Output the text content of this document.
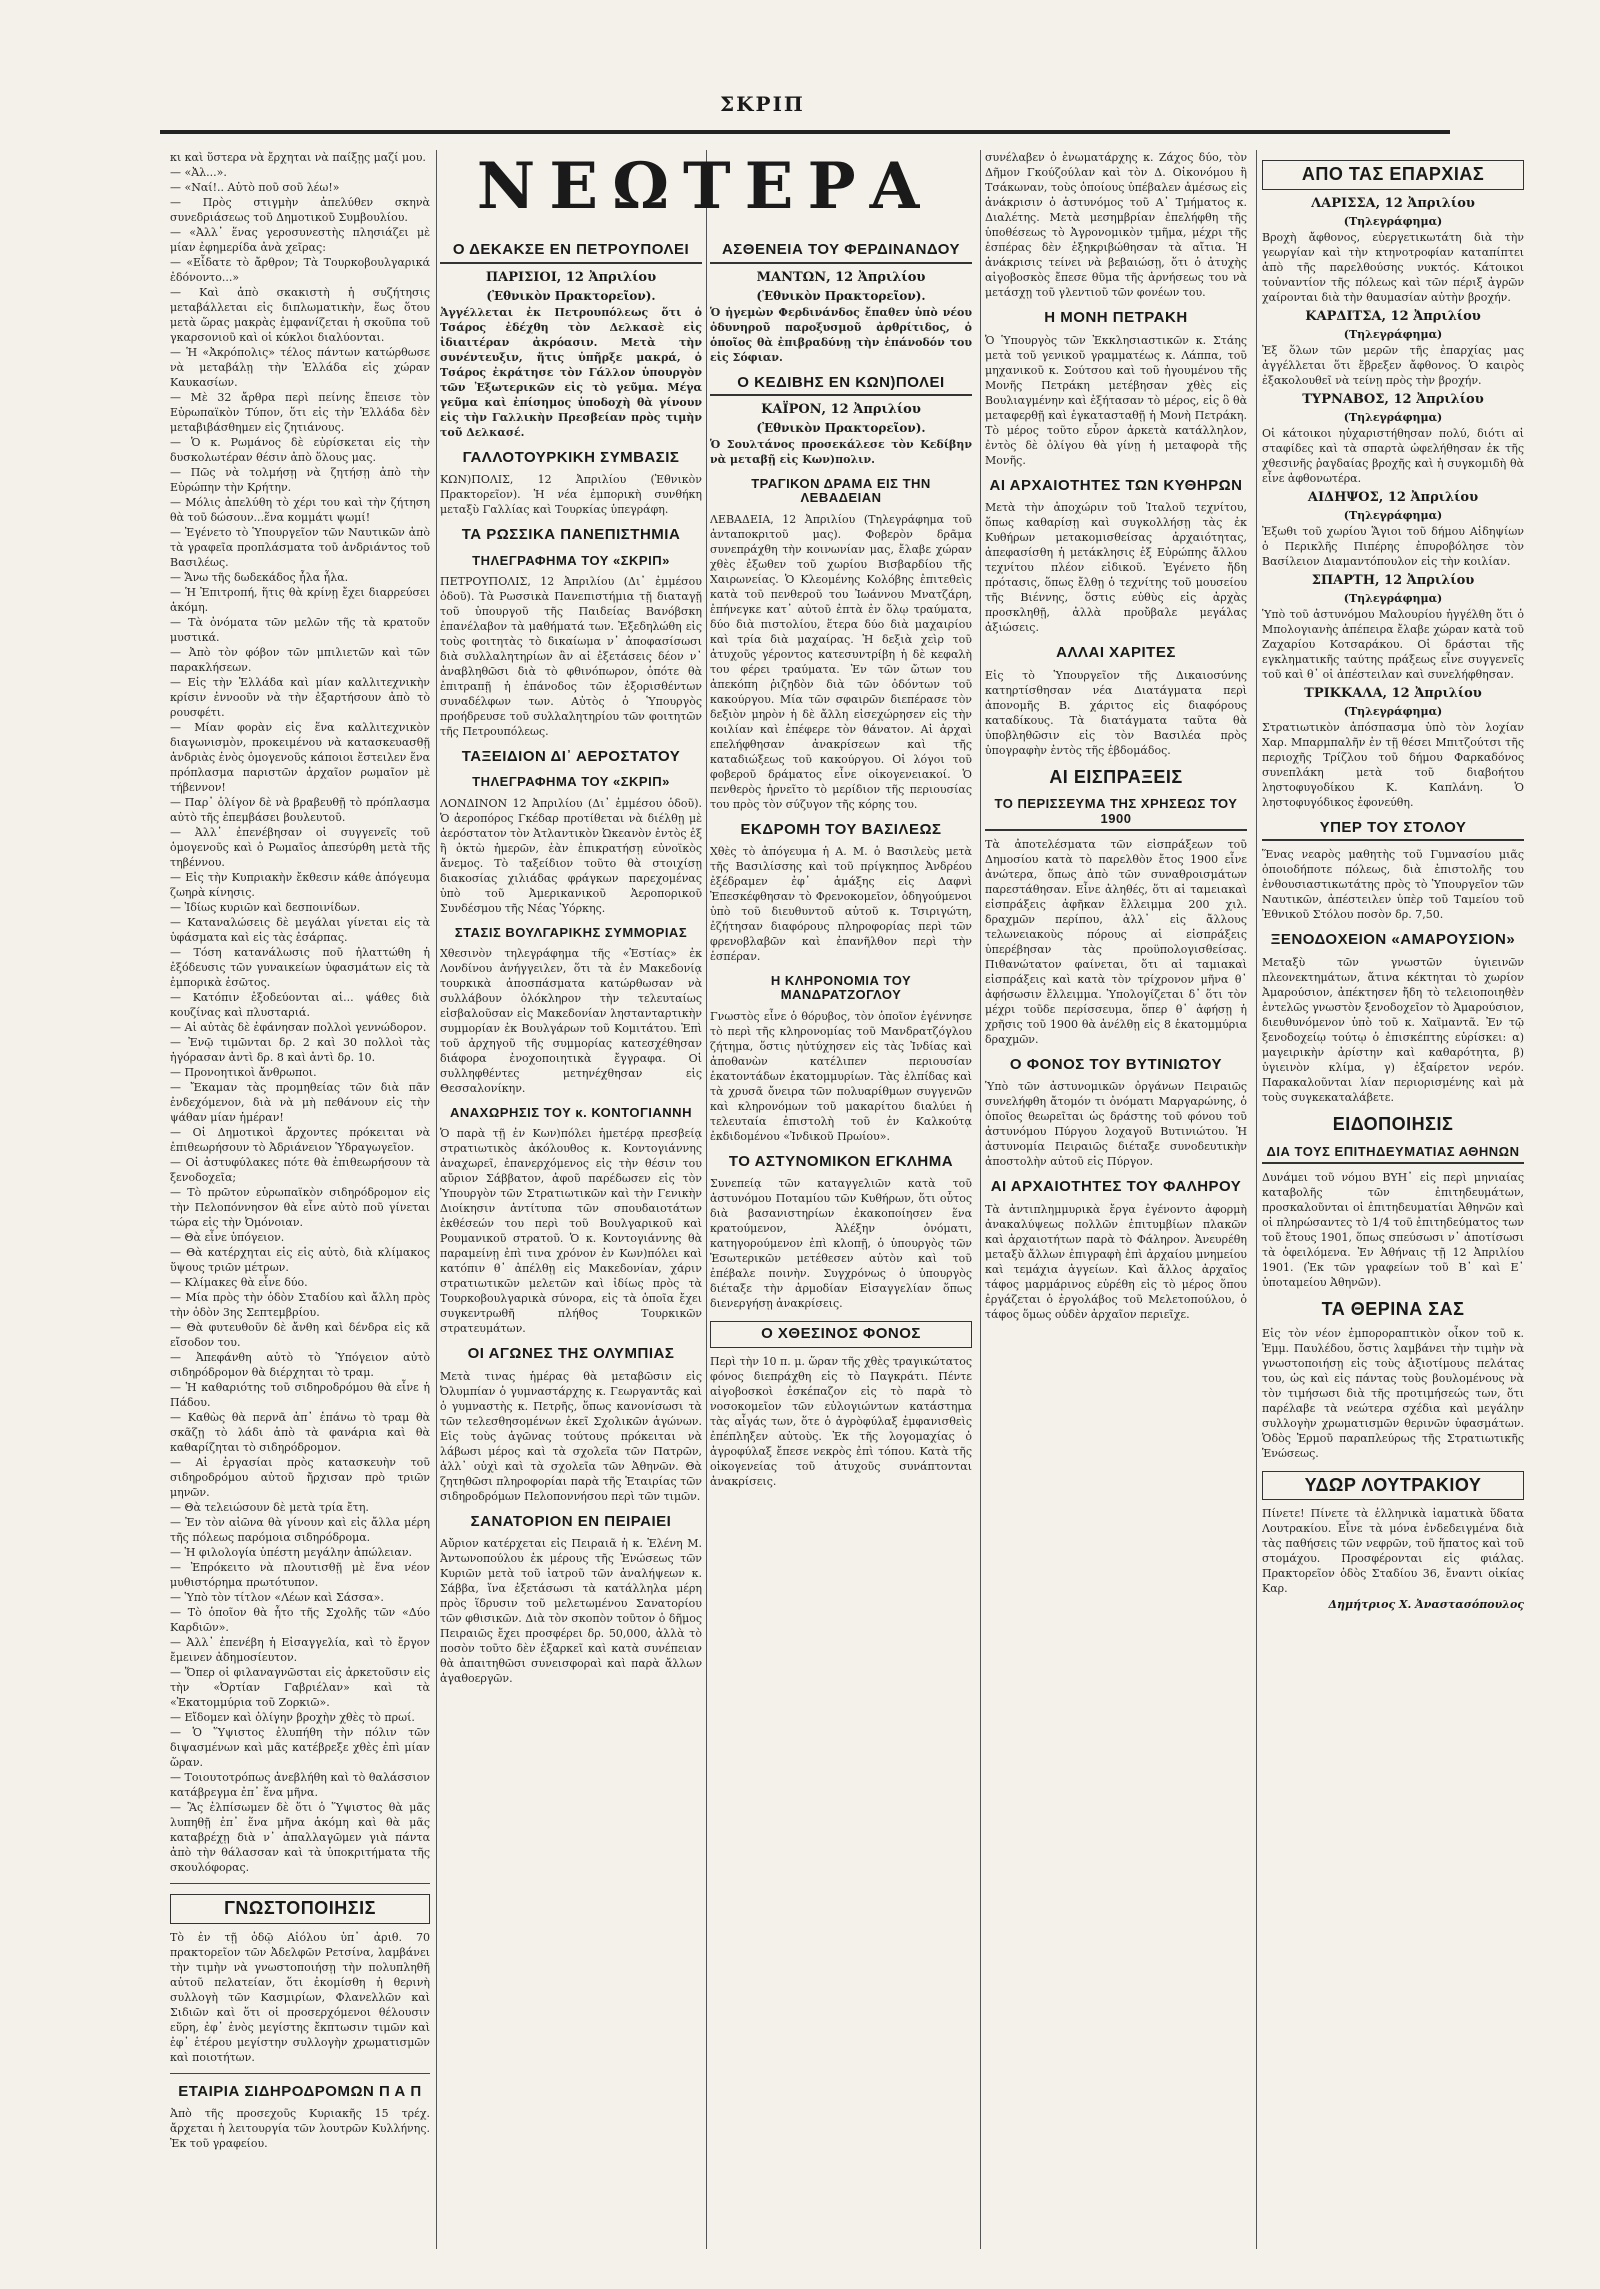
ΣΚΡΙΠ
ΝΕΩΤΕΡΑ

κι καὶ ὕστερα νὰ ἔρχηται νὰ παίξῃς μαζί μου.
— «Ἀλ...».
— «Ναί!.. Αὐτὸ ποῦ σοῦ λέω!»
— Πρὸς στιγμὴν ἀπελύθεν σκηνὰ συνεδριάσεως τοῦ Δημοτικοῦ Συμβουλίου.
— «Ἀλλ᾽ ἕνας γεροσυνεστὴς πλησιάζει μὲ μίαν ἐφημερίδα ἀνὰ χεῖρας:
— «Εἶδατε τὸ ἄρθρον; Τὰ Τουρκοβουλγαρικά ἐδόνοντο...»
— Καὶ ἀπὸ σκακιστὴ ἡ συζήτησις μεταβάλλεται εἰς διπλωματικὴν, ἕως ὅτου μετὰ ὥρας μακρὰς ἐμφανίζεται ἡ σκοῦπα τοῦ γκαρσονιοῦ καὶ οἱ κύκλοι διαλύονται.
— Ἡ «Ἀκρόπολις» τέλος πάντων κατώρθωσε νὰ μεταβάλῃ τὴν Ἑλλάδα εἰς χώραν Καυκασίων.
— Μὲ 32 ἄρθρα περὶ πείνης ἔπεισε τὸν Εὐρωπαϊκὸν Τύπον, ὅτι εἰς τὴν Ἑλλάδα δὲν μεταβιβάσθημεν εἰς ζητιάνους.
— Ὁ κ. Ρωμάνος δὲ εὐρίσκεται εἰς τὴν δυσκολωτέραν θέσιν ἀπὸ ὅλους μας.
— Πῶς νὰ τολμήσῃ νὰ ζητήσῃ ἀπὸ τὴν Εὐρώπην τὴν Κρήτην.
— Μόλις ἀπελύθη τὸ χέρι του καὶ τὴν ζήτηση θὰ τοῦ δώσουν...ἕνα κομμάτι ψωμί!
— Ἐγένετο τὸ Ὑπουργεῖον τῶν Ναυτικῶν ἀπὸ τὰ γραφεῖα προπλάσματα τοῦ ἀνδριάντος τοῦ Βασιλέως.
— Ἄνω τῆς δωδεκάδος ἦλα ἦλα.
— Ἡ Ἐπιτροπή, ἥτις θὰ κρίνῃ ἔχει διαρρεύσει ἀκόμη.
— Τὰ ὀνόματα τῶν μελῶν τῆς τὰ κρατοῦν μυστικά.
— Ἀπὸ τὸν φόβον τῶν μπιλιετῶν καὶ τῶν παρακλήσεων.
— Εἰς τὴν Ἑλλάδα καὶ μίαν καλλιτεχνικὴν κρίσιν ἐννοοῦν νὰ τὴν ἐξαρτήσουν ἀπὸ τὸ ρουσφέτι.
— Μίαν φορὰν εἰς ἕνα καλλιτεχνικὸν διαγωνισμὸν, προκειμένου νὰ κατασκευασθῇ ἀνδριὰς ἑνὸς ὁμογενοῦς κάποιοι ἔστειλεν ἕνα πρόπλασμα παριστῶν ἀρχαῖον ρωμαῖον μὲ τήβεννον!
— Παρ᾽ ὀλίγον δὲ νὰ βραβευθῇ τὸ πρόπλασμα αὐτὸ τῆς ἐπεμβάσει βουλευτοῦ.
— Ἀλλ᾽ ἐπενέβησαν οἱ συγγενεῖς τοῦ ὁμογενοῦς καὶ ὁ Ρωμαῖος ἀπεσύρθη μετὰ τῆς τηβέννου.
— Εἰς τὴν Κυπριακὴν ἔκθεσιν κάθε ἀπόγευμα ζωηρὰ κίνησις.
— Ἰδίως κυριῶν καὶ δεσποινίδων.
— Καταναλώσεις δὲ μεγάλαι γίνεται εἰς τὰ ὑφάσματα καὶ εἰς τὰς ἐσάρπας.
— Τόση κατανάλωσις ποῦ ἠλαττώθη ἡ ἐξόδευσις τῶν γυναικείων ὑφασμάτων εἰς τὰ ἐμπορικὰ ἐσῶτος.
— Κατόπιν ἐξοδεύονται αἱ... ψάθες διὰ κουζίνας καὶ πλυσταριά.
— Αἱ αὐτὰς δὲ ἐφάνησαν πολλοὶ γεννώδορον.
— Ἐνῷ τιμῶνται δρ. 2 καὶ 30 πολλοὶ τὰς ἠγόρασαν ἀντὶ δρ. 8 καὶ ἀντὶ δρ. 10.
— Προνοητικοὶ ἄνθρωποι.
— Ἔκαμαν τὰς προμηθείας τῶν διὰ πᾶν ἐνδεχόμενον, διὰ νὰ μὴ πεθάνουν εἰς τὴν ψάθαν μίαν ἡμέραν!
— Οἱ Δημοτικοὶ ἄρχοντες πρόκειται νὰ ἐπιθεωρήσουν τὸ Ἀδριάνειον Ὑδραγωγεῖον.
— Οἱ ἀστυφύλακες πότε θὰ ἐπιθεωρήσουν τὰ ξενοδοχεῖα;
— Τὸ πρῶτον εὐρωπαϊκὸν σιδηρόδρομον εἰς τὴν Πελοπόννησον θὰ εἶνε αὐτὸ ποῦ γίνεται τώρα εἰς τὴν Ὀμόνοιαν.
— Θὰ εἶνε ὑπόγειον.
— Θὰ κατέρχηται εἰς εἰς αὐτὸ, διὰ κλίμακος ὕψους τριῶν μέτρων.
— Κλίμακες θὰ εἶνε δύο.
— Μία πρὸς τὴν ὁδὸν Σταδίου καὶ ἄλλη πρὸς τὴν ὁδὸν 3ης Σεπτεμβρίου.
— Θὰ φυτευθοῦν δὲ ἄνθη καὶ δένδρα εἰς κᾶ εἴσοδον του.
— Ἀπεφάνθη αὐτὸ τὸ Ὑπόγειον αὐτὸ σιδηρόδρομον θὰ διέρχηται τὸ τραμ.
— Ἡ καθαριότης τοῦ σιδηροδρόμου θὰ εἶνε ἡ Πάδου.
— Καθὼς θὰ περνᾶ ἀπ᾽ ἐπάνω τὸ τραμ θὰ σκᾶζῃ τὸ λάδι ἀπὸ τὰ φανάρια καὶ θὰ καθαρίζηται τὸ σιδηρόδρομον.
— Αἱ ἐργασίαι πρὸς κατασκευὴν τοῦ σιδηροδρόμου αὐτοῦ ἤρχισαν πρὸ τριῶν μηνῶν.
— Θὰ τελειώσουν δὲ μετὰ τρία ἔτη.
— Ἐν τὸν αἰῶνα θὰ γίνουν καὶ εἰς ἄλλα μέρη τῆς πόλεως παρόμοια σιδηρόδρομα.
— Ἡ φιλολογία ὑπέστη μεγάλην ἀπώλειαν.
— Ἐπρόκειτο νὰ πλουτισθῇ μὲ ἕνα νέον μυθιστόρημα πρωτότυπον.
— Ὑπὸ τὸν τίτλον «Λέων καὶ Σάσσα».
— Τὸ ὁποῖον θὰ ἦτο τῆς Σχολῆς τῶν «Δύο Καρδιῶν».
— Ἀλλ᾽ ἐπενέβη ἡ Εἰσαγγελία, καὶ τὸ ἔργον ἔμεινεν ἀδημοσίευτον.
— Ὅπερ οἱ φιλαναγνῶσται εἰς ἀρκετοῦσιν εἰς τὴν «Ὀρτίαν Γαβριέλαν» καὶ τὰ «Ἑκατομμύρια τοῦ Ζορκιῶ».
— Εἴδομεν καὶ ὀλίγην βροχὴν χθὲς τὸ πρωί.
— Ὁ Ὕψιστος ἐλυπήθη τὴν πόλιν τῶν διψασμένων καὶ μᾶς κατέβρεξε χθὲς ἐπὶ μίαν ὥραν.
— Τοιουτοτρόπως ἀνεβλήθη καὶ τὸ θαλάσσιον κατάβρεγμα ἐπ᾽ ἕνα μῆνα.
— Ἂς ἐλπίσωμεν δὲ ὅτι ὁ Ὕψιστος θὰ μᾶς λυπηθῇ ἐπ᾽ ἕνα μῆνα ἀκόμη καὶ θὰ μᾶς καταβρέχῃ διὰ ν᾽ ἀπαλλαγῶμεν γιὰ πάντα ἀπὸ τὴν θάλασσαν καὶ τὰ ὑποκριτήματα τῆς σκουλόφορας.

ΓΝΩΣΤΟΠΟΙΗΣΙΣ

Τὸ ἐν τῇ ὁδῷ Αἰόλου ὑπ᾽ ἀριθ. 70 πρακτορεῖον τῶν Ἀδελφῶν Ρετσίνα, λαμβάνει τὴν τιμὴν νὰ γνωστοποιήσῃ τὴν πολυπληθῆ αὐτοῦ πελατείαν, ὅτι ἐκομίσθη ἡ θερινὴ συλλογὴ τῶν Κασμιρίων, Φλανελλῶν καὶ Σιδιῶν καὶ ὅτι οἱ προσερχόμενοι θέλουσιν εὕρη, ἐφ᾽ ἑνὸς μεγίστης ἔκπτωσιν τιμῶν καὶ ἐφ᾽ ἑτέρου μεγίστην συλλογὴν χρωματισμῶν καὶ ποιοτήτων.

ΕΤΑΙΡΙΑ ΣΙΔΗΡΟΔΡΟΜΩΝ Π Α Π

Ἀπὸ τῆς προσεχοῦς Κυριακῆς 15 τρέχ. ἄρχεται ἡ λειτουργία τῶν λουτρῶν Κυλλήνης. Ἐκ τοῦ γραφείου.

Ο ΔΕΚΑΚΣΕ ΕΝ ΠΕΤΡΟΥΠΟΛΕΙ
ΠΑΡΙΣΙΟΙ, 12 Ἀπριλίου
(Ἐθνικὸν Πρακτορεῖον).

Ἀγγέλλεται ἐκ Πετρουπόλεως ὅτι ὁ Τσάρος ἐδέχθη τὸν Δελκασὲ εἰς ἰδιαιτέραν ἀκρόασιν. Μετὰ τὴν συνέντευξιν, ἥτις ὑπῆρξε μακρά, ὁ Τσάρος ἐκράτησε τὸν Γάλλον ὑπουργὸν τῶν Ἐξωτερικῶν εἰς τὸ γεῦμα. Μέγα γεῦμα καὶ ἐπίσημος ὑποδοχὴ θὰ γίνουν εἰς τὴν Γαλλικὴν Πρεσβείαν πρὸς τιμὴν τοῦ Δελκασέ.

ΓΑΛΛΟΤΟΥΡΚΙΚΗ ΣΥΜΒΑΣΙΣ

ΚΩΝ)ΠΟΛΙΣ, 12 Ἀπριλίου (Ἐθνικὸν Πρακτορεῖον). Ἡ νέα ἐμπορικὴ συνθήκη μεταξὺ Γαλλίας καὶ Τουρκίας ὑπεγράφη.

ΤΑ ΡΩΣΣΙΚΑ ΠΑΝΕΠΙΣΤΗΜΙΑ
ΤΗΛΕΓΡΑΦΗΜΑ ΤΟΥ «ΣΚΡΙΠ»

ΠΕΤΡΟΥΠΟΛΙΣ, 12 Ἀπριλίου (Δι᾽ ἐμμέσου ὁδοῦ). Τὰ Ρωσσικὰ Πανεπιστήμια τῇ διαταγῇ τοῦ ὑπουργοῦ τῆς Παιδείας Βανόβσκη ἐπανέλαβον τὰ μαθήματά των. Ἐξεδηλώθη εἰς τοὺς φοιτητὰς τὸ δικαίωμα ν᾽ ἀποφασίσωσι διὰ συλλαλητηρίων ἂν αἱ ἐξετάσεις δέον ν᾽ ἀναβληθῶσι διὰ τὸ φθινόπωρον, ὁπότε θὰ ἐπιτραπῇ ἡ ἐπάνοδος τῶν ἐξορισθέντων συναδέλφων των. Αὐτὸς ὁ Ὑπουργὸς προήδρευσε τοῦ συλλαλητηρίου τῶν φοιτητῶν τῆς Πετρουπόλεως.

ΤΑΞΕΙΔΙΟΝ ΔΙ᾽ ΑΕΡΟΣΤΑΤΟΥ
ΤΗΛΕΓΡΑΦΗΜΑ ΤΟΥ «ΣΚΡΙΠ»

ΛΟΝΔΙΝΟΝ 12 Ἀπριλίου (Δι᾽ ἐμμέσου ὁδοῦ). Ὁ ἀεροπόρος Γκέδαρ προτίθεται νὰ διέλθῃ μὲ ἀερόστατον τὸν Ἀτλαντικὸν Ὠκεανὸν ἐντὸς ἐξ ἢ ὀκτὼ ἡμερῶν, ἐὰν ἐπικρατήσῃ εὐνοϊκὸς ἄνεμος. Τὸ ταξείδιον τοῦτο θὰ στοιχίσῃ διακοσίας χιλιάδας φράγκων παρεχομένας ὑπὸ τοῦ Ἀμερικανικοῦ Ἀεροπορικοῦ Συνδέσμου τῆς Νέας Ὑόρκης.

ΣΤΑΣΙΣ ΒΟΥΛΓΑΡΙΚΗΣ ΣΥΜΜΟΡΙΑΣ

Χθεσινὸν τηλεγράφημα τῆς «Ἑστίας» ἐκ Λονδίνου ἀνήγγειλεν, ὅτι τὰ ἐν Μακεδονίᾳ τουρκικὰ ἀποσπάσματα κατώρθωσαν νὰ συλλάβουν ὀλόκληρον τὴν τελευταίως εἰσβαλοῦσαν εἰς Μακεδονίαν ληστανταρτικὴν συμμορίαν ἐκ Βουλγάρων τοῦ Κομιτάτου. Ἐπὶ τοῦ ἀρχηγοῦ τῆς συμμορίας κατεσχέθησαν διάφορα ἐνοχοποιητικὰ ἔγγραφα. Οἱ συλληφθέντες μετηνέχθησαν εἰς Θεσσαλονίκην.

ΑΝΑΧΩΡΗΣΙΣ ΤΟΥ κ. ΚΟΝΤΟΓΙΑΝΝΗ

Ὁ παρὰ τῇ ἐν Κων)πόλει ἡμετέρᾳ πρεσβείᾳ στρατιωτικὸς ἀκόλουθος κ. Κοντογιάννης ἀναχωρεῖ, ἐπανερχόμενος εἰς τὴν θέσιν του αὔριον Σάββατον, ἀφοῦ παρέδωσεν εἰς τὸν Ὑπουργὸν τῶν Στρατιωτικῶν καὶ τὴν Γενικὴν Διοίκησιν ἀντίτυπα τῶν σπουδαιοτάτων ἐκθέσεών του περὶ τοῦ Βουλγαρικοῦ καὶ Ρουμανικοῦ στρατοῦ. Ὁ κ. Κοντογιάννης θὰ παραμείνῃ ἐπὶ τινα χρόνον ἐν Κων)πόλει καὶ κατόπιν θ᾽ ἀπέλθῃ εἰς Μακεδονίαν, χάριν στρατιωτικῶν μελετῶν καὶ ἰδίως πρὸς τὰ Τουρκοβουλγαρικὰ σύνορα, εἰς τὰ ὁποῖα ἔχει συγκεντρωθῆ πλήθος Τουρκικῶν στρατευμάτων.

ΟΙ ΑΓΩΝΕΣ ΤΗΣ ΟΛΥΜΠΙΑΣ

Μετὰ τινας ἡμέρας θὰ μεταβῶσιν εἰς Ὀλυμπίαν ὁ γυμναστάρχης κ. Γεωργαντᾶς καὶ ὁ γυμναστὴς κ. Πετρῆς, ὅπως κανονίσωσι τὰ τῶν τελεσθησομένων ἐκεῖ Σχολικῶν ἀγώνων. Εἰς τοὺς ἀγῶνας τούτους πρόκειται νὰ λάβωσι μέρος καὶ τὰ σχολεῖα τῶν Πατρῶν, ἀλλ᾽ οὐχὶ καὶ τὰ σχολεῖα τῶν Ἀθηνῶν. Θὰ ζητηθῶσι πληροφορίαι παρὰ τῆς Ἑταιρίας τῶν σιδηροδρόμων Πελοποννήσου περὶ τῶν τιμῶν.

ΣΑΝΑΤΟΡΙΟΝ ΕΝ ΠΕΙΡΑΙΕΙ

Αὔριον κατέρχεται εἰς Πειραιᾶ ἡ κ. Ἑλένη Μ. Ἀντωνοπούλου ἐκ μέρους τῆς Ἑνώσεως τῶν Κυριῶν μετὰ τοῦ ἰατροῦ τῶν ἀναλήψεων κ. Σάββα, ἵνα ἐξετάσωσι τὰ κατάλληλα μέρη πρὸς ἵδρυσιν τοῦ μελετωμένου Σανατορίου τῶν φθισικῶν. Διὰ τὸν σκοπὸν τοῦτον ὁ δῆμος Πειραιῶς ἔχει προσφέρει δρ. 50,000, ἀλλὰ τὸ ποσὸν τοῦτο δὲν ἐξαρκεῖ καὶ κατὰ συνέπειαν θὰ ἀπαιτηθῶσι συνεισφοραὶ καὶ παρὰ ἄλλων ἀγαθοεργῶν.

ΑΣΘΕΝΕΙΑ ΤΟΥ ΦΕΡΔΙΝΑΝΔΟΥ
ΜΑΝΤΩΝ, 12 Ἀπριλίου
(Ἐθνικὸν Πρακτορεῖον).

Ὁ ἡγεμὼν Φερδινάνδος ἔπαθεν ὑπὸ νέου ὀδυνηροῦ παροξυσμοῦ ἀρθρίτιδος, ὁ ὁποῖος θὰ ἐπιβραδύνῃ τὴν ἐπάνοδόν του εἰς Σόφιαν.

Ο ΚΕΔΙΒΗΣ ΕΝ ΚΩΝ)ΠΟΛΕΙ
ΚΑΪΡΟΝ, 12 Ἀπριλίου
(Ἐθνικὸν Πρακτορεῖον).

Ὁ Σουλτάνος προσεκάλεσε τὸν Κεδίβην νὰ μεταβῇ εἰς Κων)πολιν.

ΤΡΑΓΙΚΟΝ ΔΡΑΜΑ ΕΙΣ ΤΗΝ ΛΕΒΑΔΕΙΑΝ

ΛΕΒΑΔΕΙΑ, 12 Ἀπριλίου (Τηλεγράφημα τοῦ ἀνταποκριτοῦ μας). Φοβερὸν δρᾶμα συνεπράχθη τὴν κοινωνίαν μας, ἔλαβε χώραν χθὲς ἐξωθεν τοῦ χωρίου Βισβαρδίου τῆς Χαιρωνείας. Ὁ Κλεομένης Κολόβης ἐπιτεθεὶς κατὰ τοῦ πενθεροῦ του Ἰωάννου Μνατζάρη, ἐπήνεγκε κατ᾽ αὐτοῦ ἐπτὰ ἐν ὅλῳ τραύματα, δύο διὰ πιστολίου, ἕτερα δύο διὰ μαχαιρίου καὶ τρία διὰ μαχαίρας. Ἡ δεξιὰ χεὶρ τοῦ ἀτυχοῦς γέροντος κατεσυντρίβη ἡ δὲ κεφαλὴ του φέρει τραύματα. Ἐν τῶν ὤτων του ἀπεκόπη ῥιζηδὸν διὰ τῶν ὀδόντων τοῦ κακούργου. Μία τῶν σφαιρῶν διεπέρασε τὸν δεξιὸν μηρὸν ἡ δὲ ἄλλη εἰσεχώρησεν εἰς τὴν κοιλίαν καὶ ἐπέφερε τὸν θάνατον. Αἱ ἀρχαὶ επελήφθησαν ἀνακρίσεων καὶ τῆς καταδιώξεως τοῦ κακούργου. Οἱ λόγοι τοῦ φοβεροῦ δράματος εἶνε οἰκογενειακοί. Ὁ πενθερὸς ἠρνεῖτο τὸ μερίδιον τῆς περιουσίας του πρὸς τὸν σύζυγον τῆς κόρης του.

ΕΚΔΡΟΜΗ ΤΟΥ ΒΑΣΙΛΕΩΣ

Χθὲς τὸ ἀπόγευμα ἡ Α. Μ. ὁ Βασιλεὺς μετὰ τῆς Βασιλίσσης καὶ τοῦ πρίγκηπος Ἀνδρέου ἐξέδραμεν ἐφ᾽ ἁμάξης εἰς Δαφνὶ Ἐπεσκέφθησαν τὸ Φρενοκομεῖον, ὁδηγούμενοι ὑπὸ τοῦ διευθυντοῦ αὐτοῦ κ. Τσιριγώτη, ἐζήτησαν διαφόρους πληροφορίας περὶ τῶν φρενοβλαβῶν καὶ ἐπανῆλθον περὶ τὴν ἑσπέραν.

Η ΚΛΗΡΟΝΟΜΙΑ ΤΟΥ ΜΑΝΔΡΑΤΖΟΓΛΟΥ

Γνωστὸς εἶνε ὁ θόρυβος, τὸν ὁποῖον ἐγέννησε τὸ περὶ τῆς κληρονομίας τοῦ Μανδρατζόγλου ζήτημα, ὅστις ηὐτύχησεν εἰς τὰς Ἰνδίας καὶ ἀποθανὼν κατέλιπεν περιουσίαν ἑκατοντάδων ἑκατομμυρίων. Τὰς ἐλπίδας καὶ τὰ χρυσᾶ ὄνειρα τῶν πολυαρίθμων συγγενῶν καὶ κληρονόμων τοῦ μακαρίτου διαλύει ἡ τελευταία ἐπιστολὴ τοῦ ἐν Καλκούτᾳ ἐκδιδομένου «Ἰνδικοῦ Πρωίου».

ΤΟ ΑΣΤΥΝΟΜΙΚΟΝ ΕΓΚΛΗΜΑ

Συνεπείᾳ τῶν καταγγελιῶν κατὰ τοῦ ἀστυνόμου Ποταμίου τῶν Κυθήρων, ὅτι οὗτος διὰ βασανιστηρίων ἐκακοποίησεν ἕνα κρατούμενον, Ἀλέξην ὀνόματι, κατηγορούμενον ἐπὶ κλοπῇ, ὁ ὑπουργὸς τῶν Ἐσωτερικῶν μετέθεσεν αὐτὸν καὶ τοῦ ἐπέβαλε ποινὴν. Συγχρόνως ὁ ὑπουργὸς διέταξε τὴν ἀρμοδίαν Εἰσαγγελίαν ὅπως διενεργήσῃ ἀνακρίσεις.

Ο ΧΘΕΣΙΝΟΣ ΦΟΝΟΣ

Περὶ τὴν 10 π. μ. ὥραν τῆς χθὲς τραγικώτατος φόνος διεπράχθη εἰς τὸ Παγκράτι. Πέντε αἰγοβοσκοὶ ἐσκέπαζον εἰς τὸ παρὰ τὸ νοσοκομεῖον τῶν εὐλογιώντων κατάστημα τὰς αἶγάς των, ὅτε ὁ ἀγρὸφύλαξ ἐμφανισθεὶς ἐπέπληξεν αὐτοὺς. Ἐκ τῆς λογομαχίας ὁ ἀγροφύλαξ ἔπεσε νεκρὸς ἐπὶ τόπου. Κατὰ τῆς οἰκογενείας τοῦ ἀτυχοῦς συνάπτονται ἀνακρίσεις.

συνέλαβεν ὁ ἐνωματάρχης κ. Ζάχος δύο, τὸν Δῆμον Γκούζούλαν καὶ τὸν Δ. Οἰκονόμου ἢ Τσάκωναν, τοὺς ὁποίους ὑπέβαλεν ἀμέσως εἰς ἀνάκρισιν ὁ ἀστυνόμος τοῦ Α᾽ Τμήματος κ. Διαλέτης. Μετὰ μεσημβρίαν ἐπελήφθη τῆς ὑποθέσεως τὸ Ἀγρονομικὸν τμῆμα, μέχρι τῆς ἑσπέρας δὲν ἐξηκριβώθησαν τὰ αἴτια. Ἡ ἀνάκρισις τείνει νὰ βεβαιώσῃ, ὅτι ὁ ἀτυχὴς αἰγοβοσκὸς ἔπεσε θῦμα τῆς ἀρνήσεως του νὰ μετάσχῃ τοῦ γλεντιοῦ τῶν φονέων του.

Η ΜΟΝΗ ΠΕΤΡΑΚΗ

Ὁ Ὑπουργὸς τῶν Ἐκκλησιαστικῶν κ. Στάης μετὰ τοῦ γενικοῦ γραμματέως κ. Λάππα, τοῦ μηχανικοῦ κ. Σούτσου καὶ τοῦ ἡγουμένου τῆς Μονῆς Πετράκη μετέβησαν χθὲς εἰς Βουλιαγμένην καὶ ἐξήτασαν τὸ μέρος, εἰς ὃ θὰ μεταφερθῇ καὶ ἐγκατασταθῇ ἡ Μονὴ Πετράκη. Τὸ μέρος τοῦτο εὗρον ἀρκετὰ κατάλληλον, ἐντὸς δὲ ὀλίγου θὰ γίνῃ ἡ μεταφορὰ τῆς Μονῆς.

ΑΙ ΑΡΧΑΙΟΤΗΤΕΣ ΤΩΝ ΚΥΘΗΡΩΝ

Μετὰ τὴν ἀποχώριν τοῦ Ἰταλοῦ τεχνίτου, ὅπως καθαρίσῃ καὶ συγκολλήσῃ τὰς ἐκ Κυθήρων μετακομισθείσας ἀρχαιότητας, ἀπεφασίσθη ἡ μετάκλησις ἐξ Εὐρώπης ἄλλου τεχνίτου πλέον εἰδικοῦ. Ἐγένετο ἤδη πρότασις, ὅπως ἔλθῃ ὁ τεχνίτης τοῦ μουσείου τῆς Βιέννης, ὅστις εὐθὺς εἰς ἀρχὰς προσκληθῇ, ἀλλὰ προὔβαλε μεγάλας ἀξιώσεις.

ΑΛΛΑΙ ΧΑΡΙΤΕΣ

Εἰς τὸ Ὑπουργεῖον τῆς Δικαιοσύνης κατηρτίσθησαν νέα Διατάγματα περὶ ἀπονομῆς Β. χάριτος εἰς διαφόρους καταδίκους. Τὰ διατάγματα ταῦτα θὰ ὑποβληθῶσιν εἰς τὸν Βασιλέα πρὸς ὑπογραφὴν ἐντὸς τῆς ἑβδομάδος.

ΑΙ ΕΙΣΠΡΑΞΕΙΣ
ΤΟ ΠΕΡΙΣΣΕΥΜΑ ΤΗΣ ΧΡΗΣΕΩΣ ΤΟΥ 1900

Τὰ ἀποτελέσματα τῶν εἰσπράξεων τοῦ Δημοσίου κατὰ τὸ παρελθὸν ἔτος 1900 εἶνε ἀνώτερα, ὅπως ἀπὸ τῶν συναθροισμάτων παρεστάθησαν. Εἶνε ἀληθές, ὅτι αἱ ταμειακαὶ εἰσπράξεις ἀφῆκαν ἔλλειμμα 200 χιλ. δραχμῶν περίπου, ἀλλ᾽ εἰς ἄλλους τελωνειακοὺς πόρους αἱ εἰσπράξεις ὑπερέβησαν τὰς προϋπολογισθείσας. Πιθανώτατον φαίνεται, ὅτι αἱ ταμιακαὶ εἰσπράξεις καὶ κατὰ τὸν τρίχρονον μῆνα θ᾽ ἀφήσωσιν ἔλλειμμα. Ὑπολογίζεται δ᾽ ὅτι τὸν μέχρι τοῦδε περίσσευμα, ὅπερ θ᾽ ἀφήσῃ ἡ χρῆσις τοῦ 1900 θὰ ἀνέλθῃ εἰς 8 ἑκατομμύρια δραχμῶν.

Ο ΦΟΝΟΣ ΤΟΥ ΒΥΤΙΝΙΩΤΟΥ

Ὑπὸ τῶν ἀστυνομικῶν ὀργάνων Πειραιῶς συνελήφθη ἄτομόν τι ὀνόματι Μαργαρώνης, ὁ ὁποῖος θεωρεῖται ὡς δράστης τοῦ φόνου τοῦ ἀστυνόμου Πύργου λοχαγοῦ Βυτινιώτου. Ἡ ἀστυνομία Πειραιῶς διέταξε συνοδευτικὴν ἀποστολὴν αὐτοῦ εἰς Πύργον.

ΑΙ ΑΡΧΑΙΟΤΗΤΕΣ ΤΟΥ ΦΑΛΗΡΟΥ

Τὰ ἀντιπλημμυρικὰ ἔργα ἐγένοντο ἀφορμὴ ἀνακαλύψεως πολλῶν ἐπιτυμβίων πλακῶν καὶ ἀρχαιοτήτων παρὰ τὸ Φάληρον. Ἀνευρέθη μεταξὺ ἄλλων ἐπιγραφὴ ἐπὶ ἀρχαίου μνημείου καὶ τεμάχια ἀγγείων. Καὶ ἄλλος ἀρχαῖος τάφος μαρμάρινος εὑρέθη εἰς τὸ μέρος ὅπου ἐργάζεται ὁ ἐργολάβος τοῦ Μελετοπούλου, ὁ τάφος ὅμως οὐδὲν ἀρχαῖον περιεῖχε.

ΑΠΟ ΤΑΣ ΕΠΑΡΧΙΑΣ
ΛΑΡΙΣΣΑ, 12 Ἀπριλίου
(Τηλεγράφημα)

Βροχὴ ἄφθονος, εὐεργετικωτάτη διὰ τὴν γεωργίαν καὶ τὴν κτηνοτροφίαν καταπίπτει ἀπὸ τῆς παρελθούσης νυκτός. Κάτοικοι τοὐναντίον τῆς πόλεως καὶ τῶν πέριξ ἀγρῶν χαίρονται διὰ τὴν θαυμασίαν αὐτὴν βροχήν.

ΚΑΡΔΙΤΣΑ, 12 Ἀπριλίου
(Τηλεγράφημα)

Ἐξ ὅλων τῶν μερῶν τῆς ἐπαρχίας μας ἀγγέλλεται ὅτι ἔβρεξεν ἄφθονος. Ὁ καιρὸς ἐξακολουθεῖ νὰ τείνῃ πρὸς τὴν βροχήν.

ΤΥΡΝΑΒΟΣ, 12 Ἀπριλίου
(Τηλεγράφημα)

Οἱ κάτοικοι ηὐχαριστήθησαν πολύ, διότι αἱ σταφίδες καὶ τὰ σπαρτὰ ὠφελήθησαν ἐκ τῆς χθεσινῆς ῥαγδαίας βροχῆς καὶ ἡ συγκομιδὴ θὰ εἶνε ἀφθονωτέρα.

ΑΙΔΗΨΟΣ, 12 Ἀπριλίου
(Τηλεγράφημα)

Ἐξωθι τοῦ χωρίου Ἅγιοι τοῦ δήμου Αἰδηψίων ὁ Περικλῆς Πιπέρης ἐπυροβόλησε τὸν Βασίλειον Διαμαντόπουλον εἰς τὴν κοιλίαν.

ΣΠΑΡΤΗ, 12 Ἀπριλίου
(Τηλεγράφημα)

Ὑπὸ τοῦ ἀστυνόμου Μαλουρίου ἠγγέλθη ὅτι ὁ Μπολογιανὴς ἀπέπειρα ἔλαβε χώραν κατὰ τοῦ Ζαχαρίου Κοτσαράκου. Οἱ δράσται τῆς εγκληματικῆς ταύτης πράξεως εἶνε συγγενεῖς τοῦ καὶ θ᾽ οἱ ἀπέστειλαν καὶ συνελήφθησαν.

ΤΡΙΚΚΑΛΑ, 12 Ἀπριλίου
(Τηλεγράφημα)

Στρατιωτικὸν ἀπόσπασμα ὑπὸ τὸν λοχίαν Χαρ. Μπαρμπαλῆν ἐν τῇ θέσει Μπιτζούτσι τῆς περιοχῆς Τρίζλου τοῦ δήμου Φαρκαδόνος συνεπλάκη μετὰ τοῦ διαβοήτου ληστοφυγοδίκου Κ. Καπλάνη. Ὁ ληστοφυγόδικος ἐφονεύθη.

ΥΠΕΡ ΤΟΥ ΣΤΟΛΟΥ

Ἕνας νεαρὸς μαθητὴς τοῦ Γυμνασίου μιᾶς ὁποιοδήποτε πόλεως, διὰ ἐπιστολῆς του ἐνθουσιαστικωτάτης πρὸς τὸ Ὑπουργεῖον τῶν Ναυτικῶν, ἀπέστειλεν ὑπὲρ τοῦ Ταμείου τοῦ Ἐθνικοῦ Στόλου ποσὸν δρ. 7,50.

ΞΕΝΟΔΟΧΕΙΟΝ «ΑΜΑΡΟΥΣΙΟΝ»

Μεταξὺ τῶν γνωστῶν ὑγιεινῶν πλεονεκτημάτων, ἅτινα κέκτηται τὸ χωρίον Ἀμαρούσιον, ἀπέκτησεν ἤδη τὸ τελειοποιηθὲν ἐντελῶς γνωστὸν ξενοδοχεῖον τὸ Ἀμαρούσιον, διευθυνόμενον ὑπὸ τοῦ κ. Χαϊμαντᾶ. Ἐν τῷ ξενοδοχείῳ τούτῳ ὁ ἐπισκέπτης εὑρίσκει: α) μαγειρικὴν ἀρίστην καὶ καθαρότητα, β) ὑγιεινὸν κλίμα, γ) ἐξαίρετον νερόν. Παρακαλοῦνται λίαν περιορισμένης καὶ μὰ τοὺς συγκεκαταλάβετε.

ΕΙΔΟΠΟΙΗΣΙΣ
ΔΙΑ ΤΟΥΣ ΕΠΙΤΗΔΕΥΜΑΤΙΑΣ ΑΘΗΝΩΝ

Δυνάμει τοῦ νόμου ΒΥΗ᾽ εἰς περὶ μηνιαίας καταβολῆς τῶν ἐπιτηδευμάτων, προσκαλοῦνται οἱ ἐπιτηδευματίαι Ἀθηνῶν καὶ οἱ πληρώσαντες τὸ 1/4 τοῦ ἐπιτηδεύματος των τοῦ ἔτους 1901, ὅπως σπεύσωσι ν᾽ ἀποτίσωσι τὰ ὀφειλόμενα. Ἐν Ἀθήναις τῇ 12 Ἀπριλίου 1901. (Ἐκ τῶν γραφείων τοῦ Β᾽ καὶ Ε᾽ ὑποταμείου Ἀθηνῶν).

ΤΑ ΘΕΡΙΝΑ ΣΑΣ

Εἰς τὸν νέον ἐμποροραπτικὸν οἶκον τοῦ κ. Ἐμμ. Παυλέδου, ὅστις λαμβάνει τὴν τιμὴν νὰ γνωστοποιήσῃ εἰς τοὺς ἀξιοτίμους πελάτας του, ὡς καὶ εἰς πάντας τοὺς βουλομένους νὰ τὸν τιμήσωσι διὰ τῆς προτιμήσεώς των, ὅτι παρέλαβε τὰ νεώτερα σχέδια καὶ μεγάλην συλλογὴν χρωματισμῶν θερινῶν ὑφασμάτων. Ὁδὸς Ἑρμοῦ παραπλεύρως τῆς Στρατιωτικῆς Ἑνώσεως.

ΥΔΩΡ ΛΟΥΤΡΑΚΙΟΥ

Πίνετε! Πίνετε τὰ ἑλληνικὰ ἰαματικὰ ὕδατα Λουτρακίου. Εἶνε τὰ μόνα ἐνδεδειγμένα διὰ τὰς παθήσεις τῶν νεφρῶν, τοῦ ἥπατος καὶ τοῦ στομάχου. Προσφέρονται εἰς φιάλας. Πρακτορεῖον ὁδὸς Σταδίου 36, ἔναντι οἰκίας Καρ.

Δημήτριος Χ. Ἀναστασόπουλος
